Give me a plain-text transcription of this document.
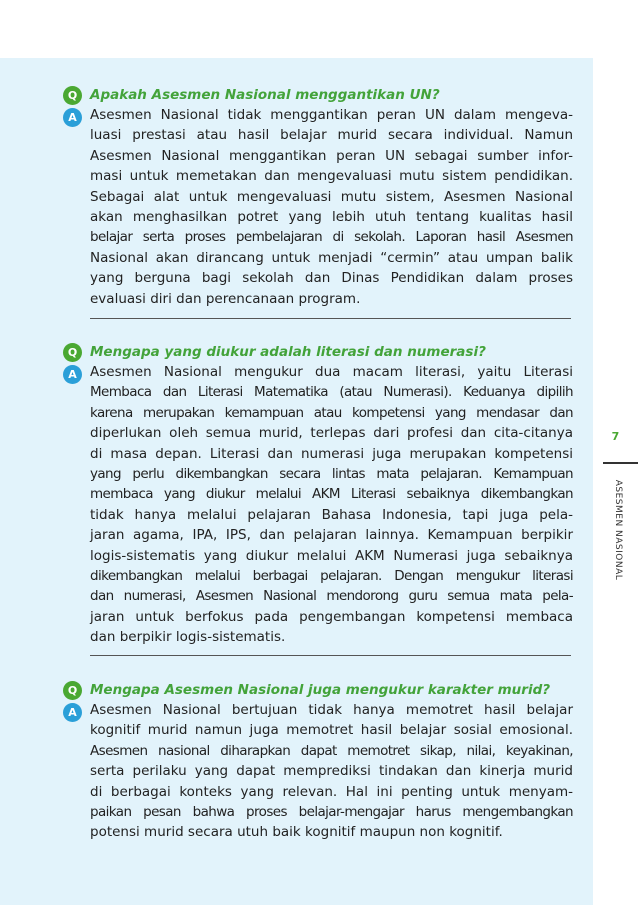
7
ASESMEN NASIONAL
Q
A
Apakah Asesmen Nasional menggantikan UN?
Asesmen Nasional tidak menggantikan peran UN dalam mengeva-
luasi prestasi atau hasil belajar murid secara individual. Namun
Asesmen Nasional menggantikan peran UN sebagai sumber infor-
masi untuk memetakan dan mengevaluasi mutu sistem pendidikan.
Sebagai alat untuk mengevaluasi mutu sistem, Asesmen Nasional
akan menghasilkan potret yang lebih utuh tentang kualitas hasil
belajar serta proses pembelajaran di sekolah. Laporan hasil Asesmen
Nasional akan dirancang untuk menjadi “cermin” atau umpan balik
yang berguna bagi sekolah dan Dinas Pendidikan dalam proses
evaluasi diri dan perencanaan program.
Q
A
Mengapa yang diukur adalah literasi dan numerasi?
Asesmen Nasional mengukur dua macam literasi, yaitu Literasi
Membaca dan Literasi Matematika (atau Numerasi). Keduanya dipilih
karena merupakan kemampuan atau kompetensi yang mendasar dan
diperlukan oleh semua murid, terlepas dari profesi dan cita-citanya
di masa depan. Literasi dan numerasi juga merupakan kompetensi
yang perlu dikembangkan secara lintas mata pelajaran. Kemampuan
membaca yang diukur melalui AKM Literasi sebaiknya dikembangkan
tidak hanya melalui pelajaran Bahasa Indonesia, tapi juga pela-
jaran agama, IPA, IPS, dan pelajaran lainnya. Kemampuan berpikir
logis-sistematis yang diukur melalui AKM Numerasi juga sebaiknya
dikembangkan melalui berbagai pelajaran. Dengan mengukur literasi
dan numerasi, Asesmen Nasional mendorong guru semua mata pela-
jaran untuk berfokus pada pengembangan kompetensi membaca
dan berpikir logis-sistematis.
Q
A
Mengapa Asesmen Nasional juga mengukur karakter murid?
Asesmen Nasional bertujuan tidak hanya memotret hasil belajar
kognitif murid namun juga memotret hasil belajar sosial emosional.
Asesmen nasional diharapkan dapat memotret sikap, nilai, keyakinan,
serta perilaku yang dapat memprediksi tindakan dan kinerja murid
di berbagai konteks yang relevan. Hal ini penting untuk menyam-
paikan pesan bahwa proses belajar-mengajar harus mengembangkan
potensi murid secara utuh baik kognitif maupun non kognitif.
